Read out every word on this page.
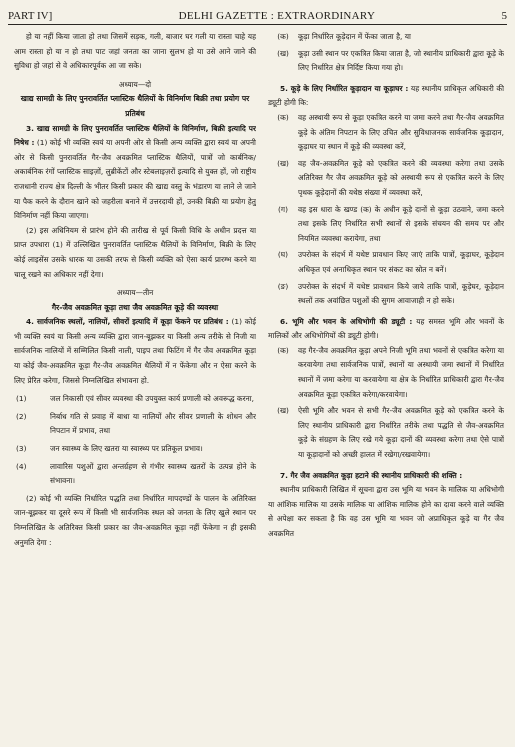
PART IV]	DELHI GAZETTE : EXTRAORDINARY	5

हो या नहीं किया जाता हो तथा जिसमें सड़क, गली, बाजार घर गली या रास्ता चाहे यह आम रास्ता हो या न हो तथा पाट जहां जनता का जाना सुलभ हो या उसे आने जाने की सुविधा हो जहां से वे अधिकारपूर्वक आ जा सके।

अध्याय—दो

खाद्य सामग्री के लिए पुनरावर्तित प्लास्टिक थैलियों के विनिर्माण बिक्री तथा प्रयोग पर प्रतिबंध

3. खाद्य सामग्री के लिए पुनरावर्तित प्लास्टिक थैलियों के विनिर्माण, बिक्री इत्यादि पर निषेध : (1) कोई भी व्यक्ति स्वयं या अपनी ओर से किसी अन्य व्यक्ति द्वारा स्वयं या अपनी ओर से किसी पुनरावर्तित गैर-जैव अवक्रमित प्लास्टिक थैलियों, पात्रों जो कार्बनिक/अकार्बनिक रंगों प्लास्टिक साइज़ों, लुब्रीकेंटों और स्टेबलाइज़रों इत्यादि से युक्त हों, जो राष्ट्रीय राजधानी राज्य क्षेत्र दिल्ली के भीतर किसी प्रकार की खाद्य वस्तु के भंडारण या लाने ले जाने या पैक करने के दौरान खाने को जहरीला बनाने में उत्तरदायी हों, उनकी बिक्री या प्रयोग हेतु विनिर्माण नहीं किया जाएगा।

(2) इस अधिनियम से प्रारंभ होने की तारीख से पूर्व किसी विधि के अधीन प्रदत्त या प्राप्त उपधारा (1) में उल्लिखित पुनरावर्तित प्लास्टिक थैलियों के विनिर्माण, बिक्री के लिए कोई लाइसेंस उसके धारक या उसकी तरफ से किसी व्यक्ति को ऐसा कार्य प्रारम्भ करने या चालू रखने का अधिकार नहीं देगा।

अध्याय—तीन

गैर-जैव अवक्रमित कूड़ा तथा जैव अवक्रमित कूड़े की व्यवस्था

4. सार्वजनिक स्थलों, नालियों, सीवरों इत्यादि में कूड़ा फेंकने पर प्रतिबंध : (1) कोई भी व्यक्ति स्वयं या किसी अन्य व्यक्ति द्वारा जान-बूझकर या किसी अन्य तरीके से निजी या सार्वजनिक नालियों में सम्मिलित किसी नाली, पाइप तथा फिटिंग में गैर जैव अवक्रमित कूड़ा या कोई जैव-अवक्रमित कूड़ा गैर-जैव अवक्रमित थैलियों में न फेंकेगा और न ऐसा करने के लिए प्रेरित करेगा, जिससे निम्नलिखित संभावना हो.

(1)	जल निकासी एवं सीवर व्यवस्था की उपयुक्त कार्य प्रणाली को अवरूद्ध करना,
(2)	निर्बाध गति से प्रवाह में बाधा या नालियों और सीवर प्रणाली के शोधन और निपटान में प्रभाव, तथा
(3)	जन स्वास्थ्य के लिए खतरा या स्वास्थ्य पर प्रतिकूल प्रभाव।
(4)	लावारिस पशुओं द्वारा अन्तर्ग्रहण से गंभीर स्वास्थ्य खतरों के उत्पन्न होने के संभावना।

(2) कोई भी व्यक्ति निर्धारित पद्धति तथा निर्धारित मापदण्डों के पालन के अतिरिक्त जान-बूझकर या दूसरे रूप में किसी भी सार्वजनिक स्थल को जनता के लिए खुले स्थान पर निम्नलिखित के अतिरिक्त किसी प्रकार का जैव-अवक्रमित कूड़ा नहीं फेंकेगा न ही इसकी अनुमति देगा :

(क)	कूड़ा निर्धारित कूड़ेदान में फेंका जाता है, या
(ख)	कूड़ा उसी स्थान पर एकत्रित किया जाता है, जो स्थानीय प्राधिकारी द्वारा कूड़े के लिए निर्धारित क्षेत्र निर्दिष्ट किया गया हो।

5. कूड़े के लिए निर्धारित कूड़ादान या कूड़ाघर : यह स्थानीय प्राधिकृत अधिकारी की ड्यूटी होगी कि:

(क)	वह अस्थायी रूप से कूड़ा एकत्रित करने या जमा करने तथा गैर-जैव अवक्रमित कूड़े के अंतिम निपटान के लिए उचित और सुविधाजनक सार्वजनिक कूड़ादान, कूड़ाघर या स्थान में कूड़े की व्यवस्था करें,
(ख)	वह जैव-अवक्रमित कूड़े को एकत्रित करने की व्यवस्था करेगा तथा उसके अतिरिक्त गैर जैव अवक्रमित कूड़े को अस्थायी रूप से एकत्रित करने के लिए पृथक कूड़ेदानों की यथेष्ठ संख्या में व्यवस्था करें,
(ग)	वह इस धारा के खण्ड (क) के अधीन कूड़े दानों से कूड़ा उठवाने, जमा करने तथा इसके लिए निर्धारित सभी स्थानों से इसके संचयन की समय पर और नियमित व्यवस्था करायेगा, तथा
(घ)	उपरोक्त के संदर्भ में यथेष्ट प्रावधान किए जाएं ताकि पात्रों, कूड़ाघर, कूड़ेदान अधिकृत एवं अनाधिकृत स्थान पर संकट का स्रोत न बनें।
(ङ)	उपरोक्त के संदर्भ में यथेष्ट प्रावधान किये जाये ताकि पात्रों, कूड़ेघर, कूड़ेदान स्थलों तक अवांछित पशुओं की सुगम आवाजाही न हो सके।

6. भूमि और भवन के अधिभोगी की ड्यूटी : यह समस्त भूमि और भवनों के मालिकों और अधिभोगियों की ड्यूटी होगी।

(क)	वह गैर-जैव अवक्रमित कूड़ा अपने निजी भूमि तथा भवनों से एकत्रित करेगा या करवायेगा तथा सार्वजनिक पात्रों, स्थानों या अस्थायी जमा स्थानों में निर्धारित स्थानों में जमा करेगा या करवायेगा या क्षेत्र के निर्धारित प्राधिकारी द्वारा गैर-जैव अवक्रमित कूड़ा एकत्रित करेगा/करवायेगा।
(ख)	ऐसी भूमि और भवन से सभी गैर-जैव अवक्रमित कूड़े को एकत्रित करने के लिए स्थानीय प्राधिकारी द्वारा निर्धारित तरीके तथा पद्धति से जैव-अवक्रमित कूड़े के संग्रहण के लिए रखे गये कूड़ा दानों की व्यवस्था करेगा तथा ऐसे पात्रों या कूड़ादानों को अच्छी हालत में रखेगा/रखवायेगा।

7. गैर जैव अवक्रमित कूड़ा हटाने की स्थानीय प्राधिकारी की शक्ति :

स्थानीय प्राधिकारी लिखित में सूचना द्वारा उस भूमि या भवन के मालिक या अधिभोगी या आंशिक मालिक या उसके मालिक या आंशिक मालिक होने का दावा करने वाले व्यक्ति से अपेक्षा कर सकता है कि वह उस भूमि या भवन जो अप्राधिकृत कूड़े या गैर जैव अवक्रमित
